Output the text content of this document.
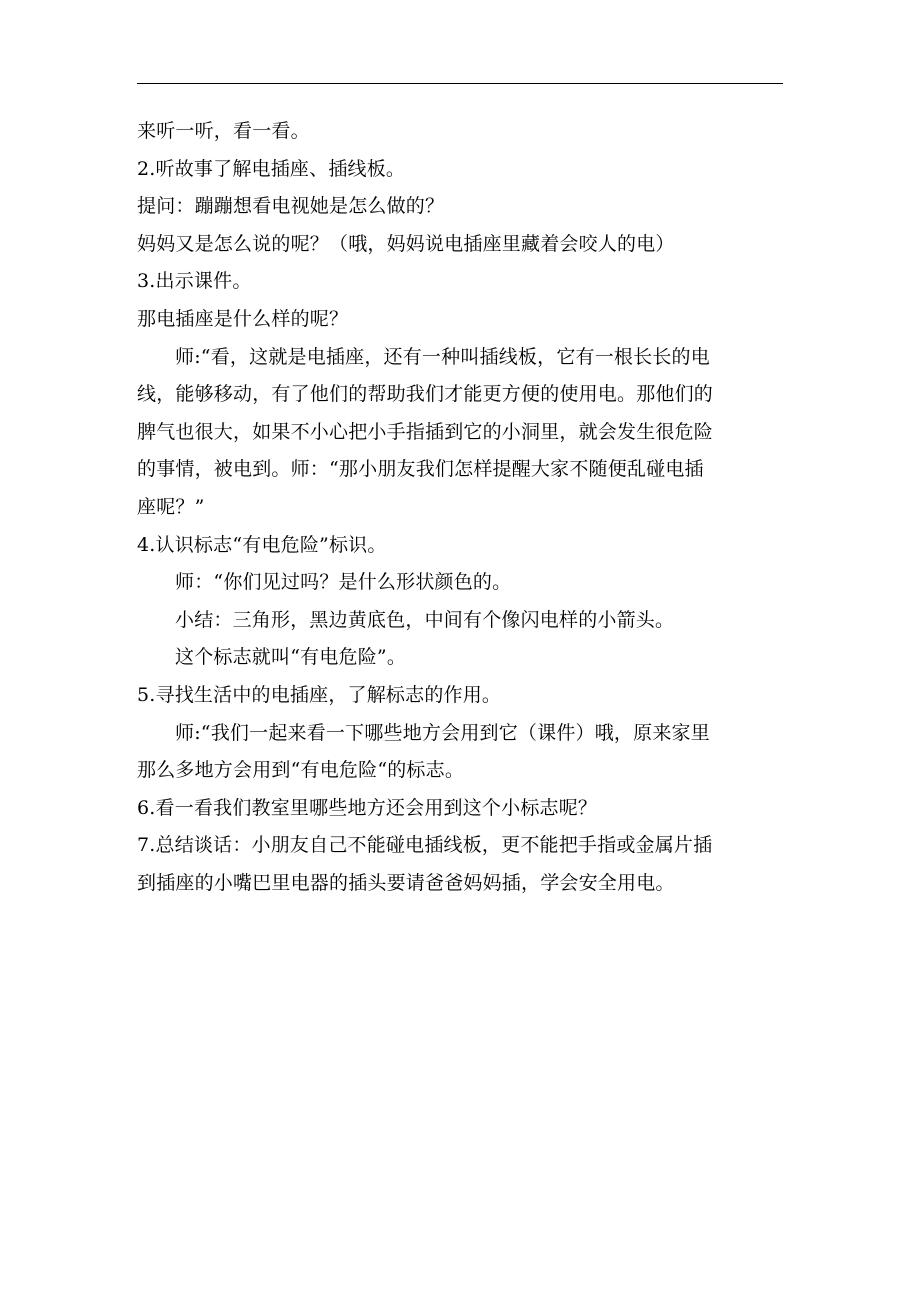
来听一听，看一看。

2.听故事了解电插座、插线板。

提问：蹦蹦想看电视她是怎么做的？

妈妈又是怎么说的呢？（哦，妈妈说电插座里藏着会咬人的电）

3.出示课件。

那电插座是什么样的呢？

师:“看，这就是电插座，还有一种叫插线板，它有一根长长的电

线，能够移动，有了他们的帮助我们才能更方便的使用电。那他们的

脾气也很大，如果不小心把小手指插到它的小洞里，就会发生很危险

的事情，被电到。师：“那小朋友我们怎样提醒大家不随便乱碰电插

座呢？”

4.认识标志“有电危险”标识。

师：“你们见过吗？是什么形状颜色的。

小结：三角形，黑边黄底色，中间有个像闪电样的小箭头。

这个标志就叫“有电危险”。

5.寻找生活中的电插座，了解标志的作用。

师:“我们一起来看一下哪些地方会用到它（课件）哦，原来家里

那么多地方会用到“有电危险“的标志。

6.看一看我们教室里哪些地方还会用到这个小标志呢？

7.总结谈话：小朋友自己不能碰电插线板，更不能把手指或金属片插

到插座的小嘴巴里电器的插头要请爸爸妈妈插，学会安全用电。
